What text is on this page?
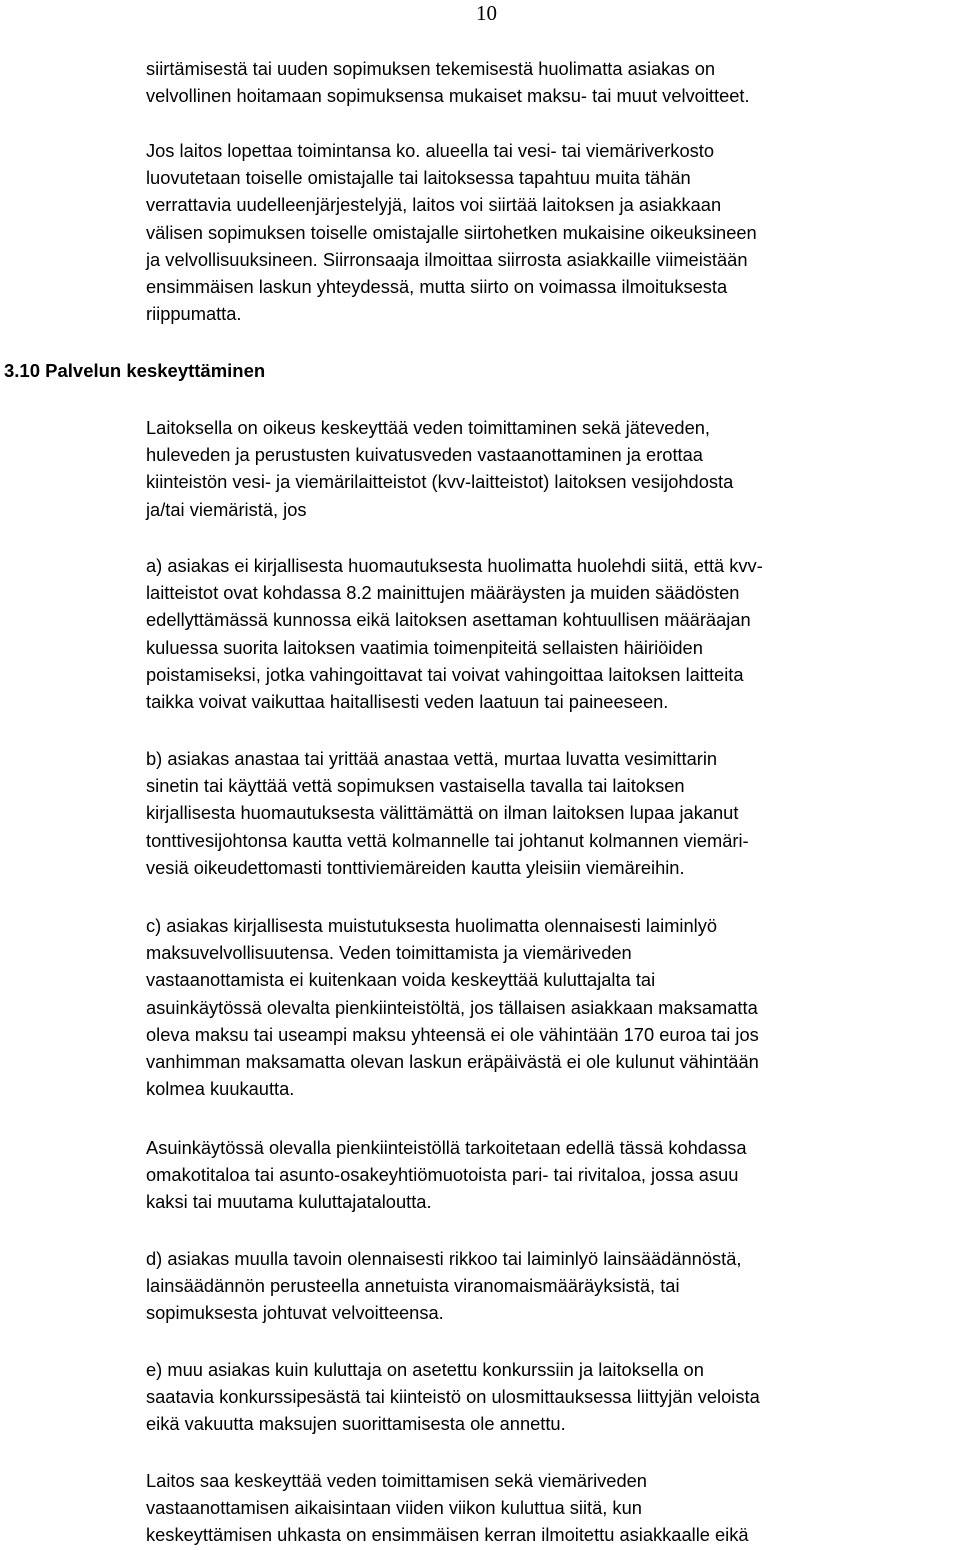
10

siirtämisestä tai uuden sopimuksen tekemisestä huolimatta asiakas on
velvollinen hoitamaan sopimuksensa mukaiset maksu- tai muut velvoitteet.

Jos laitos lopettaa toimintansa ko. alueella tai vesi- tai viemäriverkosto
luovutetaan toiselle omistajalle tai laitoksessa tapahtuu muita tähän
verrattavia uudelleenjärjestelyjä, laitos voi siirtää laitoksen ja asiakkaan
välisen sopimuksen toiselle omistajalle siirtohetken mukaisine oikeuksineen
ja velvollisuuksineen. Siirronsaaja ilmoittaa siirrosta asiakkaille viimeistään
ensimmäisen laskun yhteydessä, mutta siirto on voimassa ilmoituksesta
riippumatta.

3.10 Palvelun keskeyttäminen

Laitoksella on oikeus keskeyttää veden toimittaminen sekä jäteveden,
huleveden ja perustusten kuivatusveden vastaanottaminen ja erottaa
kiinteistön vesi- ja viemärilaitteistot (kvv-laitteistot) laitoksen vesijohdosta
ja/tai viemäristä, jos

a) asiakas ei kirjallisesta huomautuksesta huolimatta huolehdi siitä, että kvv-
laitteistot ovat kohdassa 8.2 mainittujen määräysten ja muiden säädösten
edellyttämässä kunnossa eikä laitoksen asettaman kohtuullisen määräajan
kuluessa suorita laitoksen vaatimia toimenpiteitä sellaisten häiriöiden
poistamiseksi, jotka vahingoittavat tai voivat vahingoittaa laitoksen laitteita
taikka voivat vaikuttaa haitallisesti veden laatuun tai paineeseen.

b) asiakas anastaa tai yrittää anastaa vettä, murtaa luvatta vesimittarin
sinetin tai käyttää vettä sopimuksen vastaisella tavalla tai laitoksen
kirjallisesta huomautuksesta välittämättä on ilman laitoksen lupaa jakanut
tonttivesijohtonsa kautta vettä kolmannelle tai johtanut kolmannen viemäri-
vesiä oikeudettomasti tonttiviemäreiden kautta yleisiin viemäreihin.

c) asiakas kirjallisesta muistutuksesta huolimatta olennaisesti laiminlyö
maksuvelvollisuutensa. Veden toimittamista ja viemäriveden
vastaanottamista ei kuitenkaan voida keskeyttää kuluttajalta tai
asuinkäytössä olevalta pienkiinteistöltä, jos tällaisen asiakkaan maksamatta
oleva maksu tai useampi maksu yhteensä ei ole vähintään 170 euroa tai jos
vanhimman maksamatta olevan laskun eräpäivästä ei ole kulunut vähintään
kolmea kuukautta.

Asuinkäytössä olevalla pienkiinteistöllä tarkoitetaan edellä tässä kohdassa
omakotitaloa tai asunto-osakeyhtiömuotoista pari- tai rivitaloa, jossa asuu
kaksi tai muutama kuluttajataloutta.

d) asiakas muulla tavoin olennaisesti rikkoo tai laiminlyö lainsäädännöstä,
lainsäädännön perusteella annetuista viranomaismääräyksistä, tai
sopimuksesta johtuvat velvoitteensa.

e) muu asiakas kuin kuluttaja on asetettu konkurssiin ja laitoksella on
saatavia konkurssipesästä tai kiinteistö on ulosmittauksessa liittyjän veloista
eikä vakuutta maksujen suorittamisesta ole annettu.

Laitos saa keskeyttää veden toimittamisen sekä viemäriveden
vastaanottamisen aikaisintaan viiden viikon kuluttua siitä, kun
keskeyttämisen uhkasta on ensimmäisen kerran ilmoitettu asiakkaalle eikä
